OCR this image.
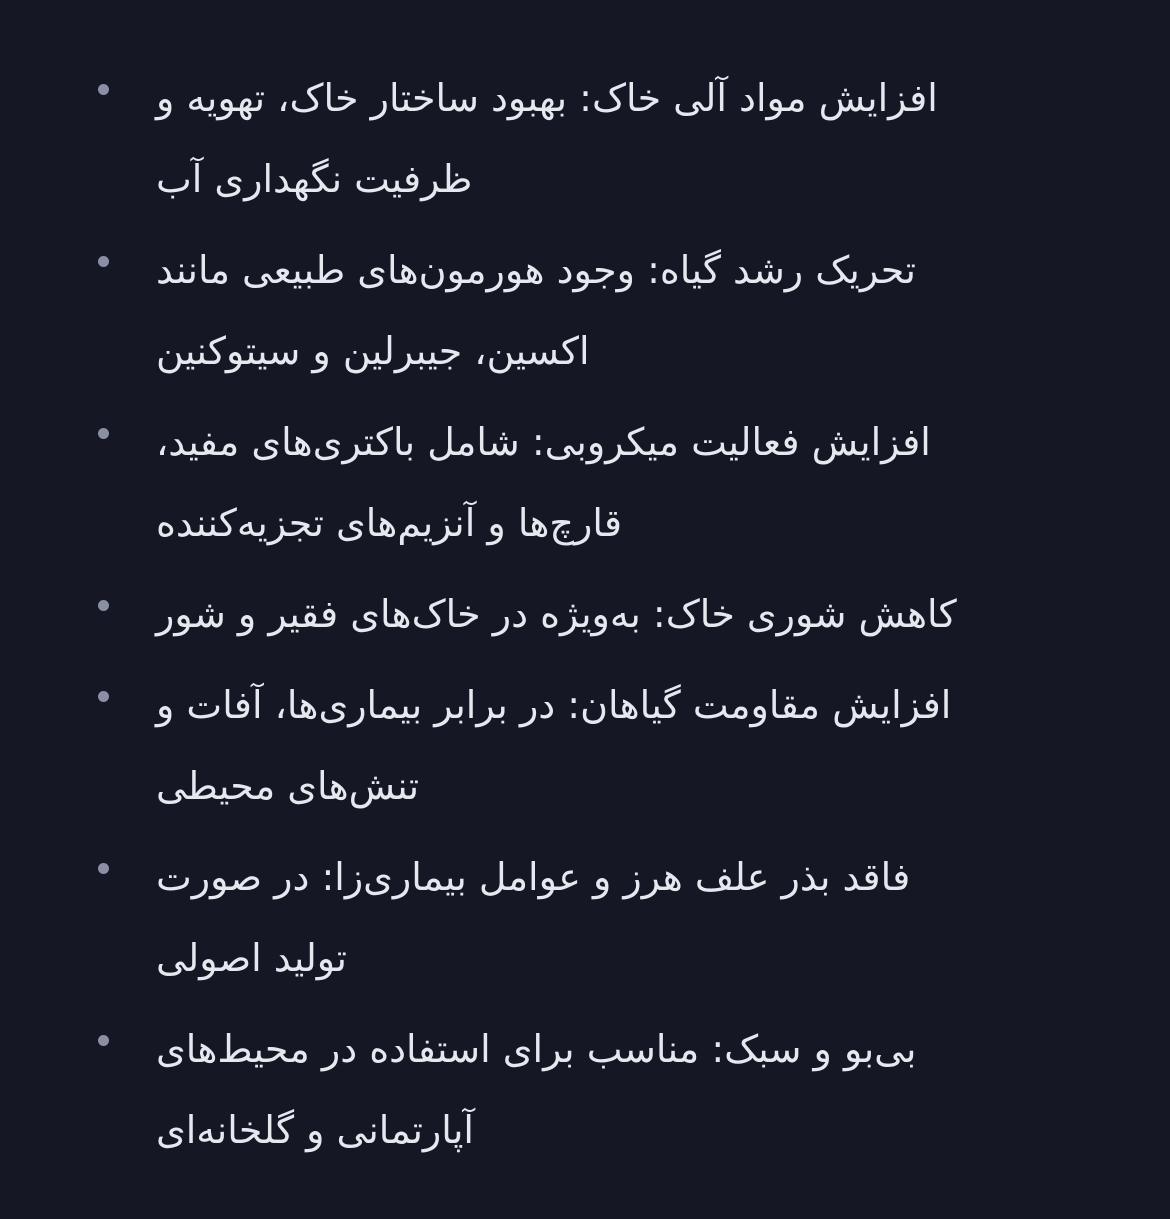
افزایش مواد آلی خاک: بهبود ساختار خاک، تهویه و
ظرفیت نگهداری آب
تحریک رشد گیاه: وجود هورمون‌های طبیعی مانند
اکسین، جیبرلین و سیتوکنین
افزایش فعالیت میکروبی: شامل باکتری‌های مفید،
قارچ‌ها و آنزیم‌های تجزیه‌کننده
کاهش شوری خاک: به‌ویژه در خاک‌های فقیر و شور
افزایش مقاومت گیاهان: در برابر بیماری‌ها، آفات و
تنش‌های محیطی
فاقد بذر علف هرز و عوامل بیماری‌زا: در صورت
تولید اصولی
بی‌بو و سبک: مناسب برای استفاده در محیط‌های
آپارتمانی و گلخانه‌ای
